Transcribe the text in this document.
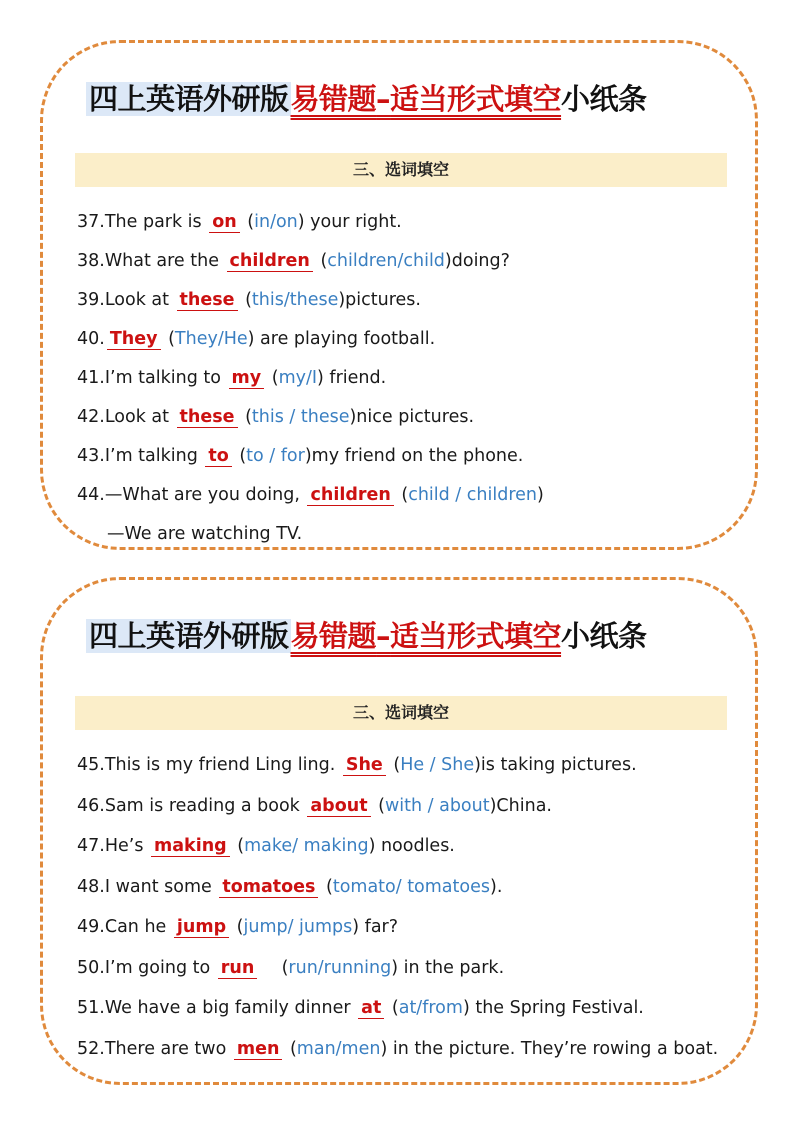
四上英语外研版易错题–适当形式填空小纸条
三、选词填空
37.The park is on (in/on) your right.
38.What are the children (children/child)doing?
39.Look at these (this/these)pictures.
40. They (They/He) are playing football.
41.I’m talking to my (my/I) friend.
42.Look at these (this / these)nice pictures.
43.I’m talking to (to / for)my friend on the phone.
44.—What are you doing, children (child / children)
—We are watching TV.
四上英语外研版易错题–适当形式填空小纸条
三、选词填空
45.This is my friend Ling ling. She (He / She)is taking pictures.
46.Sam is reading a book about (with / about)China.
47.He’s making (make/ making) noodles.
48.I want some tomatoes (tomato/ tomatoes).
49.Can he jump (jump/ jumps) far?
50.I’m going to run    (run/running) in the park.
51.We have a big family dinner at (at/from) the Spring Festival.
52.There are two men (man/men) in the picture. They’re rowing a boat.
